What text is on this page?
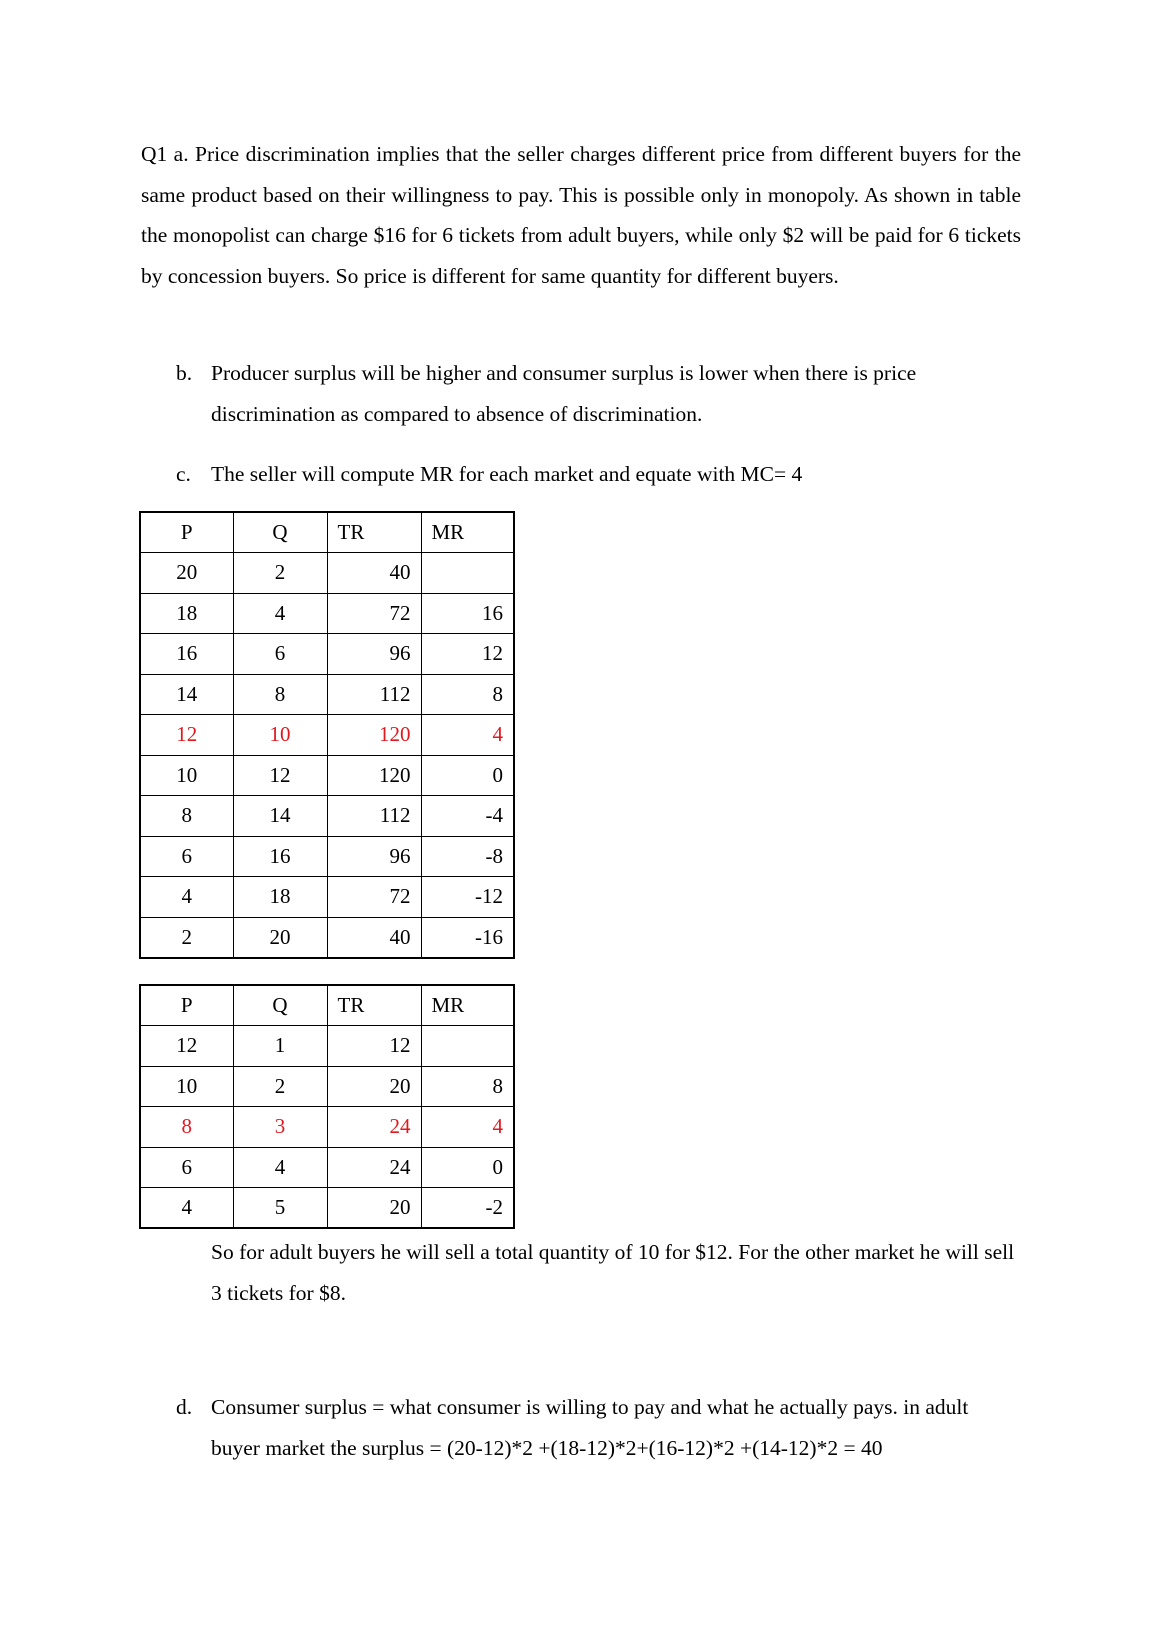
Q1 a. Price discrimination implies that the seller charges different price from different buyers for the same product based on their willingness to pay. This is possible only in monopoly. As shown in table the monopolist can charge $16 for 6 tickets from adult buyers, while only $2 will be paid for 6 tickets by concession buyers. So price is different for same quantity for different buyers.

b. Producer surplus will be higher and consumer surplus is lower when there is price discrimination as compared to absence of discrimination.
c. The seller will compute MR for each market and equate with MC= 4
P	Q	TR	MR
20	2	40	
18	4	72	16
16	6	96	12
14	8	112	8
12	10	120	4
10	12	120	0
8	14	112	-4
6	16	96	-8
4	18	72	-12
2	20	40	-16
P	Q	TR	MR
12	1	12	
10	2	20	8
8	3	24	4
6	4	24	0
4	5	20	-2
So for adult buyers he will sell a total quantity of 10 for $12. For the other market he will sell 3 tickets for $8.
d. Consumer surplus = what consumer is willing to pay and what he actually pays. in adult buyer market the surplus = (20-12)*2 +(18-12)*2+(16-12)*2 +(14-12)*2 = 40
